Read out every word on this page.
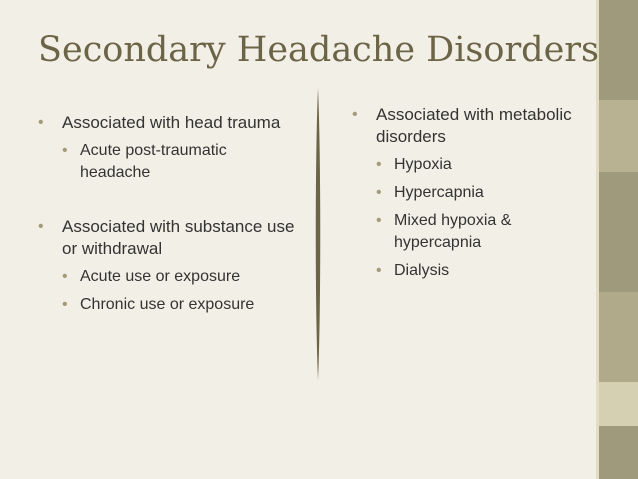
Secondary Headache Disorders
• Associated with head trauma
• Acute post-traumatic headache
• Associated with substance use or withdrawal
• Acute use or exposure
• Chronic use or exposure
• Associated with metabolic disorders
• Hypoxia
• Hypercapnia
• Mixed hypoxia & hypercapnia
• Dialysis
